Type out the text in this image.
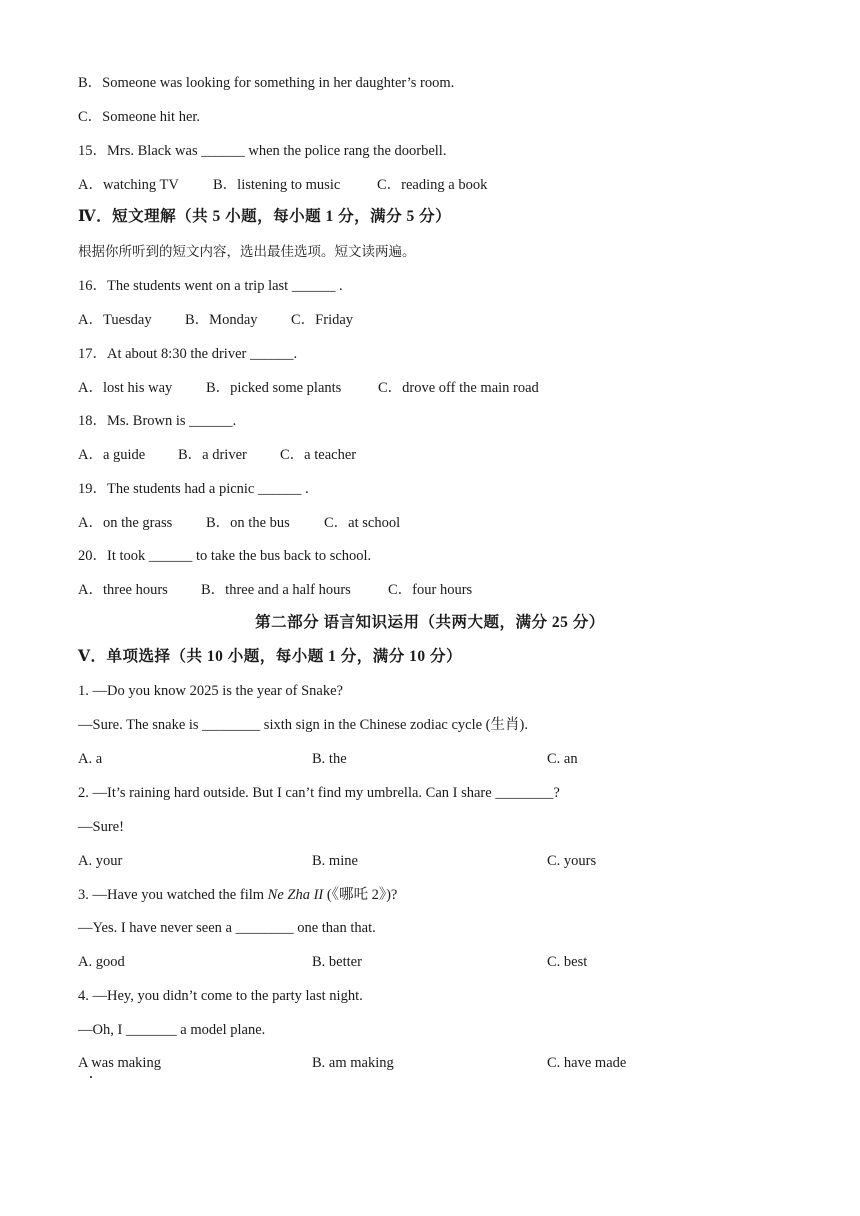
B．Someone was looking for something in her daughter’s room.
C．Someone hit her.
15．Mrs. Black was ______ when the police rang the doorbell.
A．watching TV B．listening to music	C．reading a book
Ⅳ．短文理解（共 5 小题，每小题 1 分，满分 5 分）
根据你所听到的短文内容，选出最佳选项。短文读两遍。
16．The students went on a trip last ______ .
A．Tuesday B．Monday C．Friday
17．At about 8:30 the driver ______.
A．lost his way B．picked some plants	C．drove off the main road
18．Ms. Brown is ______.
A．a guide B．a driver C．a teacher
19．The students had a picnic ______ .
A．on the grass B．on the bus C．at school
20．It took ______ to take the bus back to school.
A．three hours B．three and a half hours	C．four hours
第二部分 语言知识运用（共两大题，满分 25 分）
Ⅴ．单项选择（共 10 小题，每小题 1 分，满分 10 分）
1. —Do you know 2025 is the year of Snake?
—Sure. The snake is ________ sixth sign in the Chinese zodiac cycle (生肖).
A. a	B. the	C. an
2. —It’s raining hard outside. But I can’t find my umbrella. Can I share ________?
—Sure!
A. your	B. mine	C. yours
3. —Have you watched the film Ne Zha II (《哪吒 2》)?
—Yes. I have never seen a ________ one than that.
A. good	B. better	C. best
4. —Hey, you didn’t come to the party last night.
—Oh, I _______ a model plane.
A was making	B. am making	C. have made
